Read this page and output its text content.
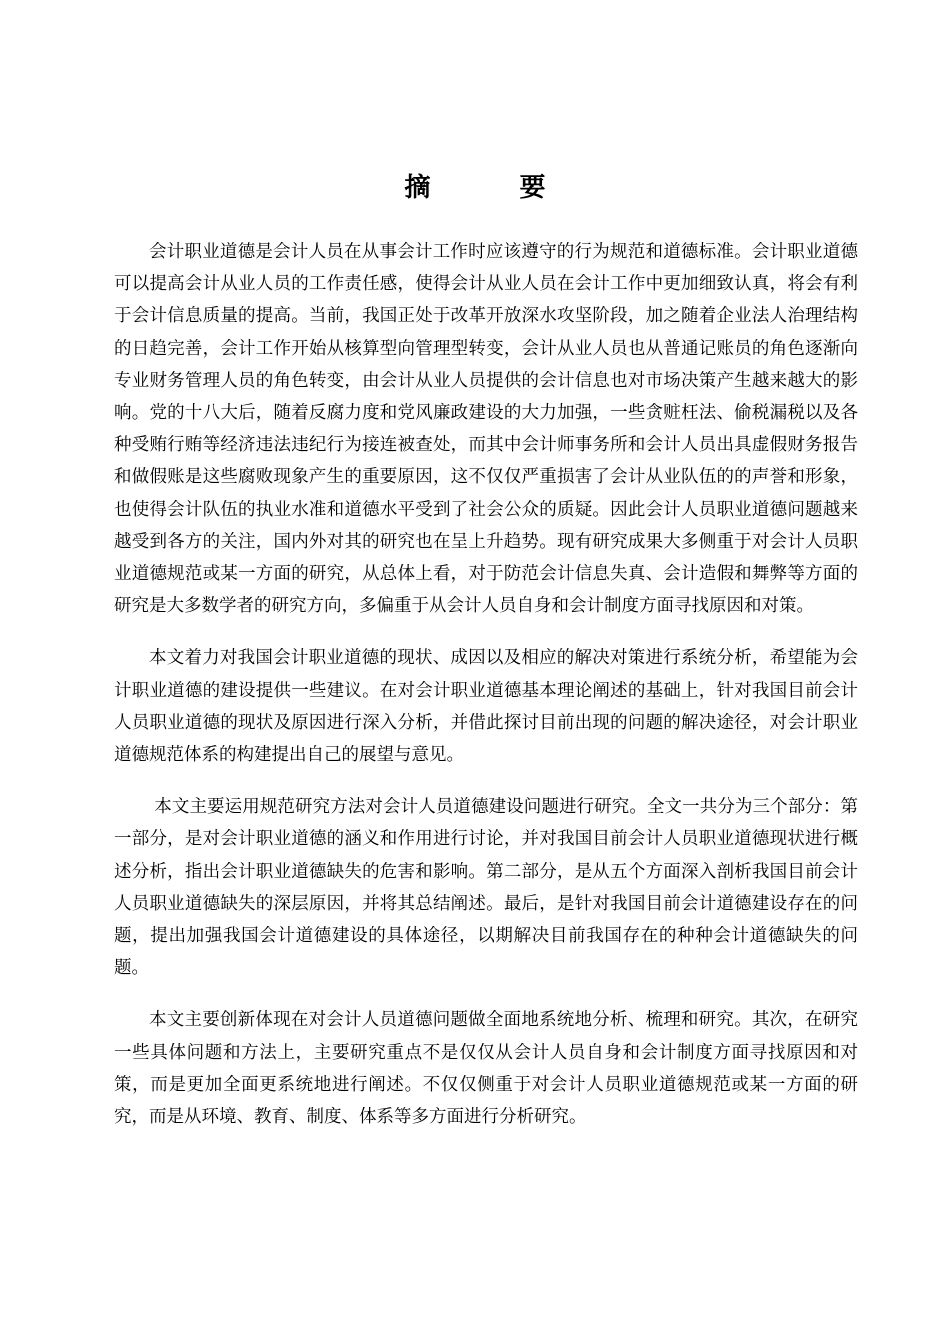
摘 要

会计职业道德是会计人员在从事会计工作时应该遵守的行为规范和道德标准。会计职业道德可以提高会计从业人员的工作责任感，使得会计从业人员在会计工作中更加细致认真，将会有利于会计信息质量的提高。当前，我国正处于改革开放深水攻坚阶段，加之随着企业法人治理结构的日趋完善，会计工作开始从核算型向管理型转变，会计从业人员也从普通记账员的角色逐渐向专业财务管理人员的角色转变，由会计从业人员提供的会计信息也对市场决策产生越来越大的影响。党的十八大后，随着反腐力度和党风廉政建设的大力加强，一些贪赃枉法、偷税漏税以及各种受贿行贿等经济违法违纪行为接连被查处，而其中会计师事务所和会计人员出具虚假财务报告和做假账是这些腐败现象产生的重要原因，这不仅仅严重损害了会计从业队伍的的声誉和形象，也使得会计队伍的执业水准和道德水平受到了社会公众的质疑。因此会计人员职业道德问题越来越受到各方的关注，国内外对其的研究也在呈上升趋势。现有研究成果大多侧重于对会计人员职业道德规范或某一方面的研究，从总体上看，对于防范会计信息失真、会计造假和舞弊等方面的研究是大多数学者的研究方向，多偏重于从会计人员自身和会计制度方面寻找原因和对策。

本文着力对我国会计职业道德的现状、成因以及相应的解决对策进行系统分析，希望能为会计职业道德的建设提供一些建议。在对会计职业道德基本理论阐述的基础上，针对我国目前会计人员职业道德的现状及原因进行深入分析，并借此探讨目前出现的问题的解决途径，对会计职业道德规范体系的构建提出自己的展望与意见。

本文主要运用规范研究方法对会计人员道德建设问题进行研究。全文一共分为三个部分：第一部分，是对会计职业道德的涵义和作用进行讨论，并对我国目前会计人员职业道德现状进行概述分析，指出会计职业道德缺失的危害和影响。第二部分，是从五个方面深入剖析我国目前会计人员职业道德缺失的深层原因，并将其总结阐述。最后，是针对我国目前会计道德建设存在的问题，提出加强我国会计道德建设的具体途径，以期解决目前我国存在的种种会计道德缺失的问题。

本文主要创新体现在对会计人员道德问题做全面地系统地分析、梳理和研究。其次，在研究一些具体问题和方法上，主要研究重点不是仅仅从会计人员自身和会计制度方面寻找原因和对策，而是更加全面更系统地进行阐述。不仅仅侧重于对会计人员职业道德规范或某一方面的研究，而是从环境、教育、制度、体系等多方面进行分析研究。
